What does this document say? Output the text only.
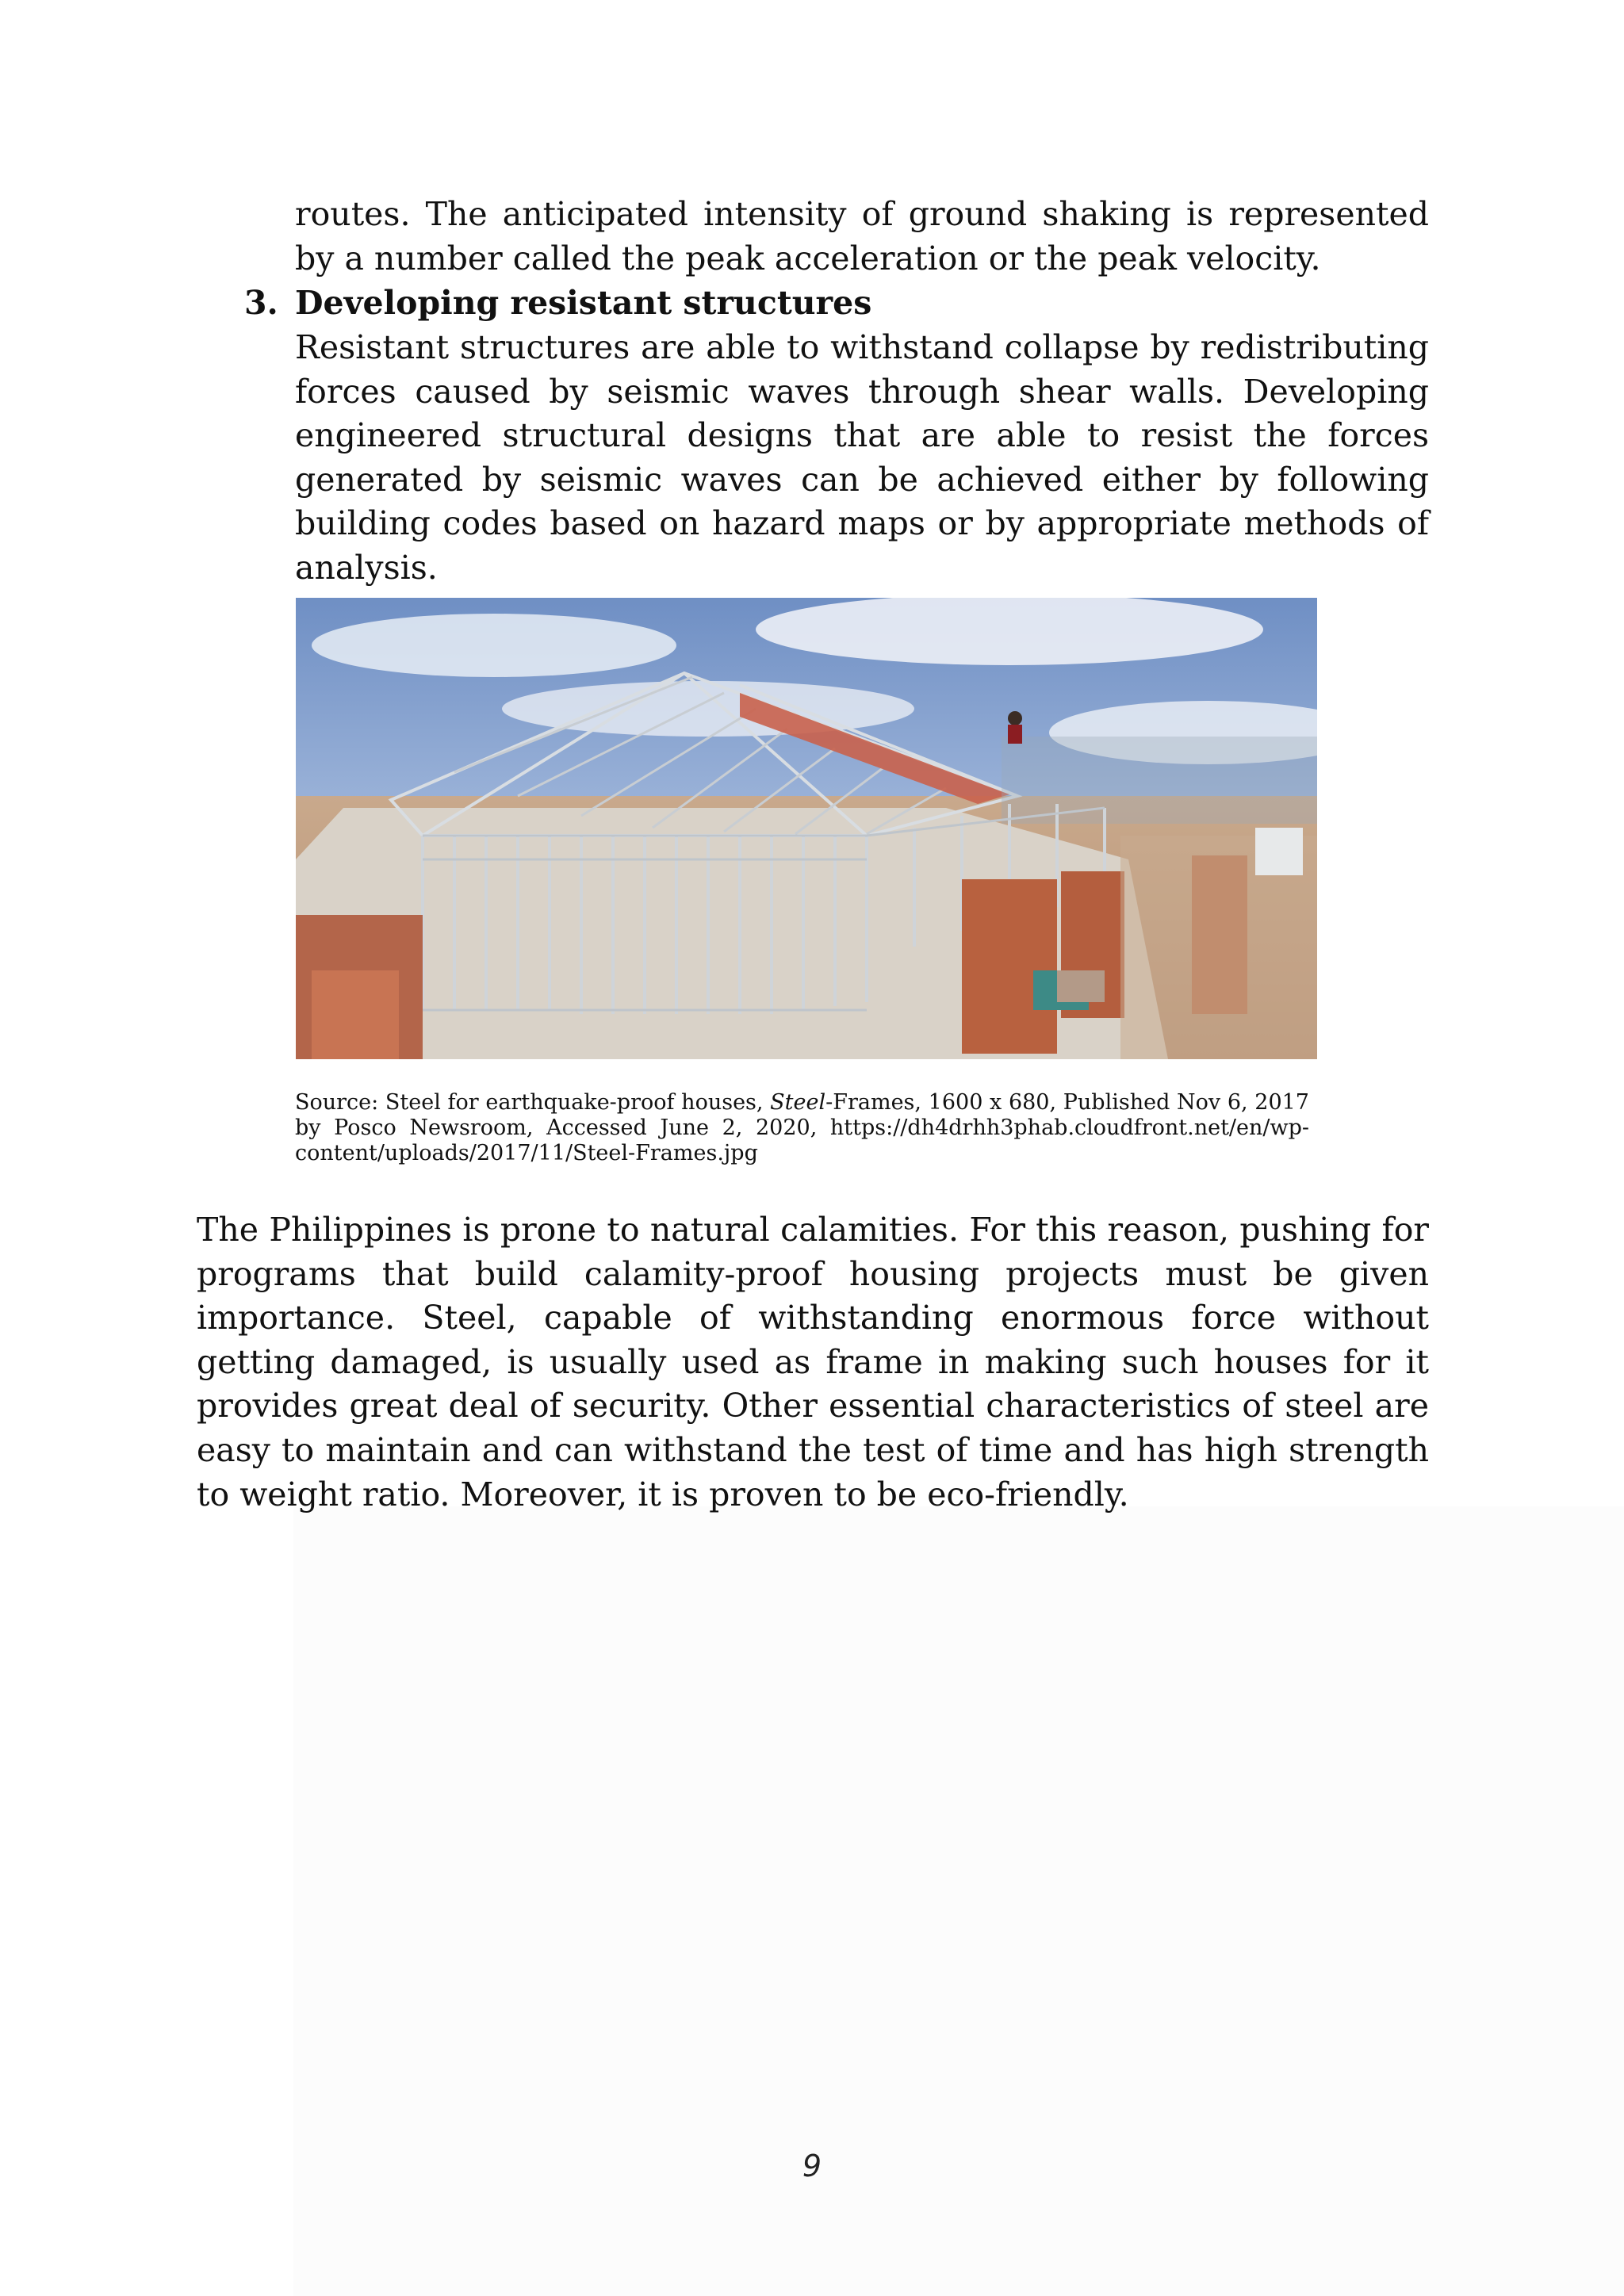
routes. The anticipated intensity of ground shaking is represented by a number called the peak acceleration or the peak velocity.

3. Developing resistant structures

Resistant structures are able to withstand collapse by redistributing forces caused by seismic waves through shear walls. Developing engineered structural designs that are able to resist the forces generated by seismic waves can be achieved either by following building codes based on hazard maps or by appropriate methods of analysis.

Source: Steel for earthquake-proof houses, Steel-Frames, 1600 x 680, Published Nov 6, 2017 by Posco Newsroom, Accessed June 2, 2020, https://dh4drhh3phab.cloudfront.net/en/wp-content/uploads/2017/11/Steel-Frames.jpg

The Philippines is prone to natural calamities. For this reason, pushing for programs that build calamity-proof housing projects must be given importance. Steel, capable of withstanding enormous force without getting damaged, is usually used as frame in making such houses for it provides great deal of security. Other essential characteristics of steel are easy to maintain and can withstand the test of time and has high strength to weight ratio. Moreover, it is proven to be eco-friendly.

9
